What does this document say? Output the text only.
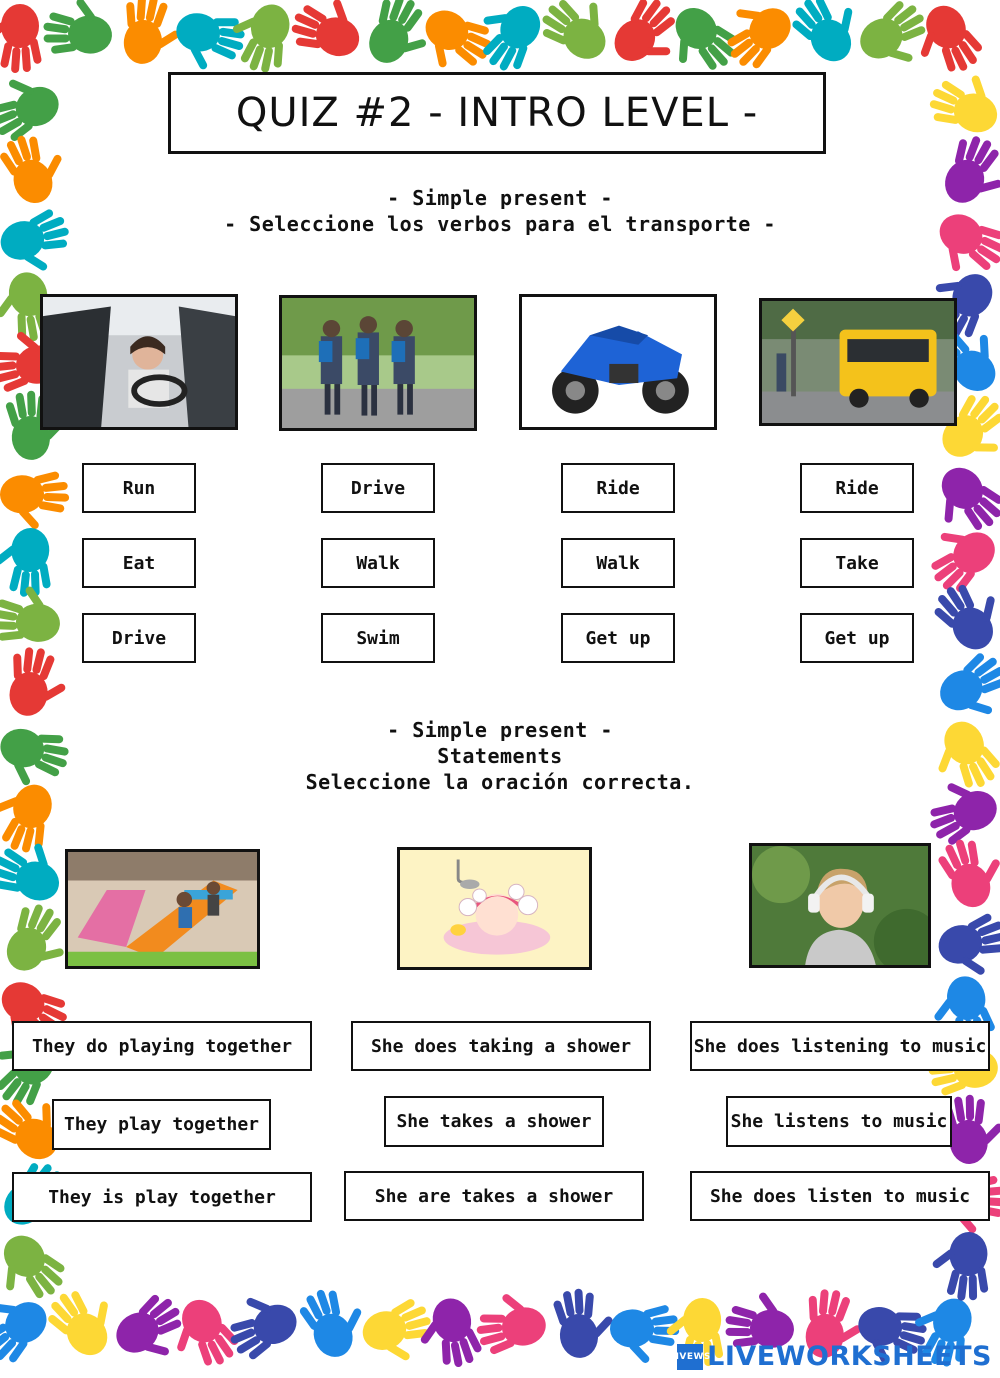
QUIZ #2 - INTRO LEVEL -
- Simple present -
- Seleccione los verbos para el transporte -
Run
Eat
Drive
Drive
Walk
Swim
Ride
Walk
Get up
Ride
Take
Get up
- Simple present -
Statements
Seleccione la oración correcta.
They do playing together
They play together
They is play together
She does taking a shower
She takes a shower
She are takes a shower
She does listening to music
She listens to music
She does listen to music
LIVE WS
LIVEWORKSHEETS
